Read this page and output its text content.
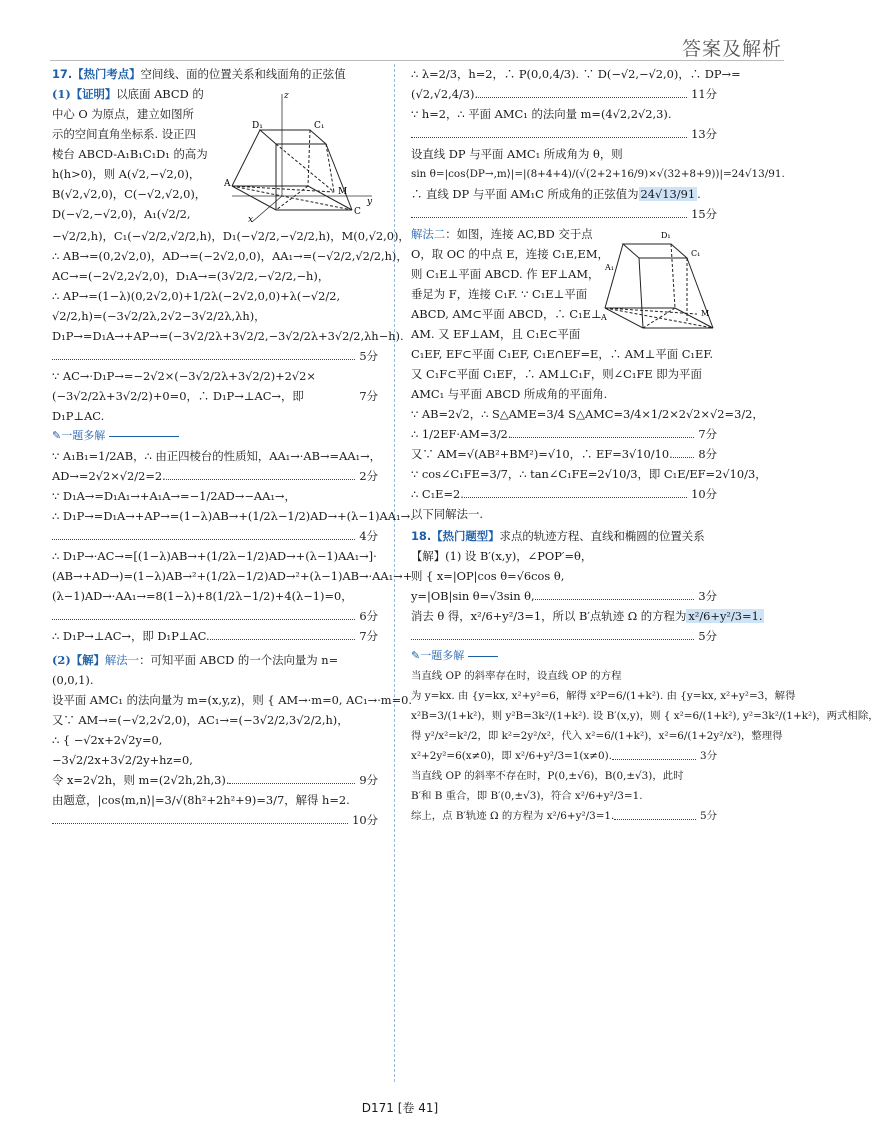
答案及解析
17.【热门考点】空间线、面的位置关系和线面角的正弦值
(1)【证明】以底面 ABCD 的
中心 O 为原点，建立如图所
示的空间直角坐标系. 设正四
棱台 ABCD-A₁B₁C₁D₁ 的高为
h(h>0)，则 A(√2,−√2,0)，
B(√2,√2,0)，C(−√2,√2,0)，
D(−√2,−√2,0)，A₁(√2/2,
z
y
x
D₁	C₁
A
C
M
−√2/2,h)，C₁(−√2/2,√2/2,h)，D₁(−√2/2,−√2/2,h)，M(0,√2,0)，
∴ AB→=(0,2√2,0)，AD→=(−2√2,0,0)，AA₁→=(−√2/2,√2/2,h)，
AC→=(−2√2,2√2,0)，D₁A→=(3√2/2,−√2/2,−h)，
∴ AP→=(1−λ)(0,2√2,0)+1/2λ(−2√2,0,0)+λ(−√2/2,
√2/2,h)=(−3√2/2λ,2√2−3√2/2λ,λh)，
D₁P→=D₁A→+AP→=(−3√2/2λ+3√2/2,−3√2/2λ+3√2/2,λh−h).
5分
∵ AC→·D₁P→=−2√2×(−3√2/2λ+3√2/2)+2√2×
(−3√2/2λ+3√2/2)+0=0，∴ D₁P→⊥AC→，即 D₁P⊥AC.
7分
✎ 一题多解
∵ A₁B₁=1/2AB，∴ 由正四棱台的性质知，AA₁→·AB→=AA₁→，
AD→=2√2×√2/2=2.	2分
∵ D₁A→=D₁A₁→+A₁A→=−1/2AD→−AA₁→，
∴ D₁P→=D₁A→+AP→=(1−λ)AB→+(1/2λ−1/2)AD→+(λ−1)AA₁→.
4分
∴ D₁P→·AC→=[(1−λ)AB→+(1/2λ−1/2)AD→+(λ−1)AA₁→]·
(AB→+AD→)=(1−λ)AB→²+(1/2λ−1/2)AD→²+(λ−1)AB→·AA₁→+
(λ−1)AD→·AA₁→=8(1−λ)+8(1/2λ−1/2)+4(λ−1)=0，
6分
∴ D₁P→⊥AC→，即 D₁P⊥AC.	7分
(2)【解】解法一：可知平面 ABCD 的一个法向量为 n=
(0,0,1).
设平面 AMC₁ 的法向量为 m=(x,y,z)，则 { AM→·m=0, AC₁→·m=0.
又∵ AM→=(−√2,2√2,0)，AC₁→=(−3√2/2,3√2/2,h)，
∴ { −√2x+2√2y=0,
−3√2/2x+3√2/2y+hz=0,
令 x=2√2h，则 m=(2√2h,2h,3).	9分
由题意，|cos⟨m,n⟩|=3/√(8h²+2h²+9)=3/7，解得 h=2.
10分
∴ λ=2/3，h=2，∴ P(0,0,4/3). ∵ D(−√2,−√2,0)，∴ DP→=
(√2,√2,4/3).	11分
∵ h=2，∴ 平面 AMC₁ 的法向量 m=(4√2,2√2,3).
13分
设直线 DP 与平面 AMC₁ 所成角为 θ，则
sin θ=|cos⟨DP→,m⟩|=|(8+4+4)/(√(2+2+16/9)×√(32+8+9))|=24√13/91.
∴ 直线 DP 与平面 AM₁C 所成角的正弦值为 24√13/91 .
15分
解法二：如图，连接 AC,BD 交于点
O，取 OC 的中点 E，连接 C₁E,EM，
则 C₁E⊥平面 ABCD. 作 EF⊥AM，
垂足为 F，连接 C₁F. ∵ C₁E⊥平面
ABCD, AM⊂平面 ABCD，∴ C₁E⊥
AM. 又 EF⊥AM，且 C₁E⊂平面
D₁
C₁
A₁
A	M
C₁EF, EF⊂平面 C₁EF, C₁E∩EF=E，∴ AM⊥平面 C₁EF. 又 C₁F⊂平面 C₁EF，∴ AM⊥C₁F，则∠C₁FE 即为平面 AMC₁ 与平面 ABCD 所成角的平面角.
∵ AB=2√2，∴ S△AME=3/4 S△AMC=3/4×1/2×2√2×√2=3/2，
∴ 1/2EF·AM=3/2.	7分
又∵ AM=√(AB²+BM²)=√10，∴ EF=3√10/10. 8分
∵ cos∠C₁FE=3/7，∴ tan∠C₁FE=2√10/3，即 C₁E/EF=2√10/3，
∴ C₁E=2.	10分
以下同解法一.
18.【热门题型】求点的轨迹方程、直线和椭圆的位置关系
【解】(1) 设 B′(x,y)，∠POP′=θ，
则 { x=|OP|cos θ=√6cos θ,
y=|OB|sin θ=√3sin θ,	3分
消去 θ 得，x²/6+y²/3=1，所以 B′点轨迹 Ω 的方程为 x²/6+y²/3=1.
5分
✎ 一题多解
当直线 OP 的斜率存在时，设直线 OP 的方程
为 y=kx. 由 {y=kx, x²+y²=6，解得 x²P=6/(1+k²). 由 {y=kx, x²+y²=3，解得
x²B=3/(1+k²)，则 y²B=3k²/(1+k²). 设 B′(x,y)，则 { x²=6/(1+k²), y²=3k²/(1+k²)，两式相除，
得 y²/x²=k²/2，即 k²=2y²/x²，代入 x²=6/(1+k²)，x²=6/(1+2y²/x²)，整理得
x²+2y²=6(x≠0)，即 x²/6+y²/3=1(x≠0).	3分
当直线 OP 的斜率不存在时，P(0,±√6)，B(0,±√3)，此时
B′和 B 重合，即 B′(0,±√3)，符合 x²/6+y²/3=1.
综上，点 B′轨迹 Ω 的方程为 x²/6+y²/3=1.	5分
D171 [卷 41]
